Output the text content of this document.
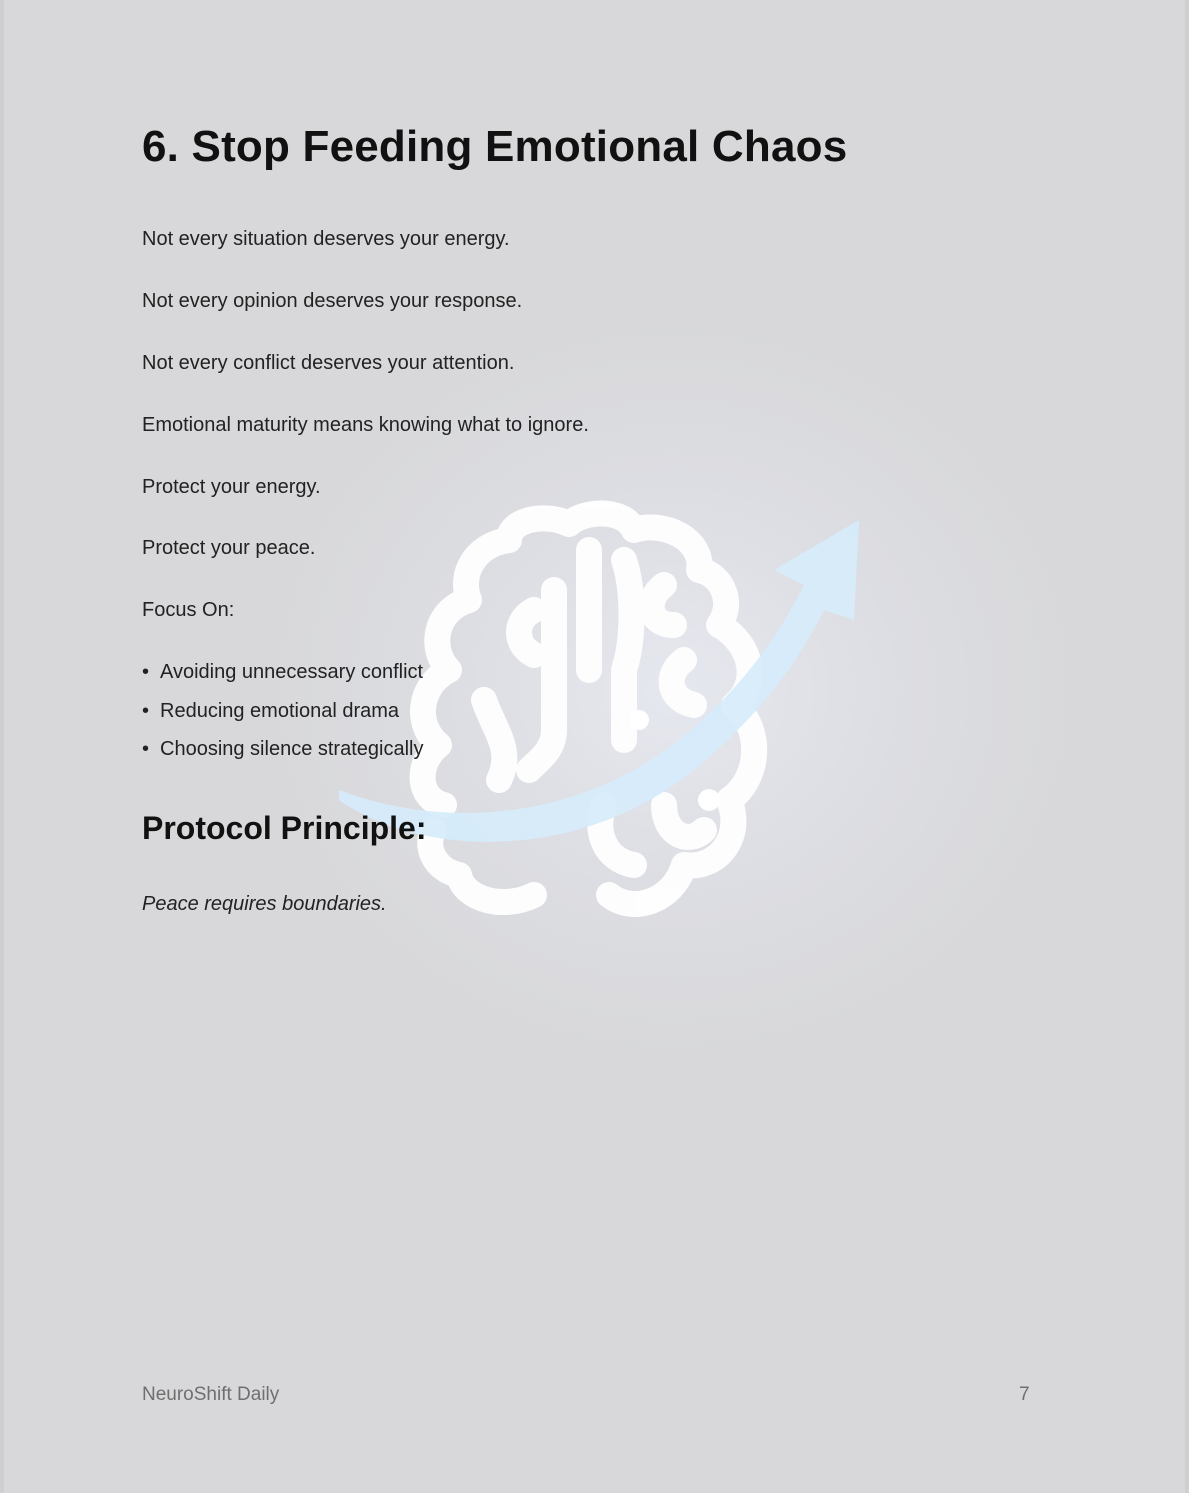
6. Stop Feeding Emotional Chaos

Not every situation deserves your energy.

Not every opinion deserves your response.

Not every conflict deserves your attention.

Emotional maturity means knowing what to ignore.

Protect your energy.

Protect your peace.

Focus On:

• Avoiding unnecessary conflict

• Reducing emotional drama

• Choosing silence strategically

Protocol Principle:

Peace requires boundaries.

NeuroShift Daily	7
